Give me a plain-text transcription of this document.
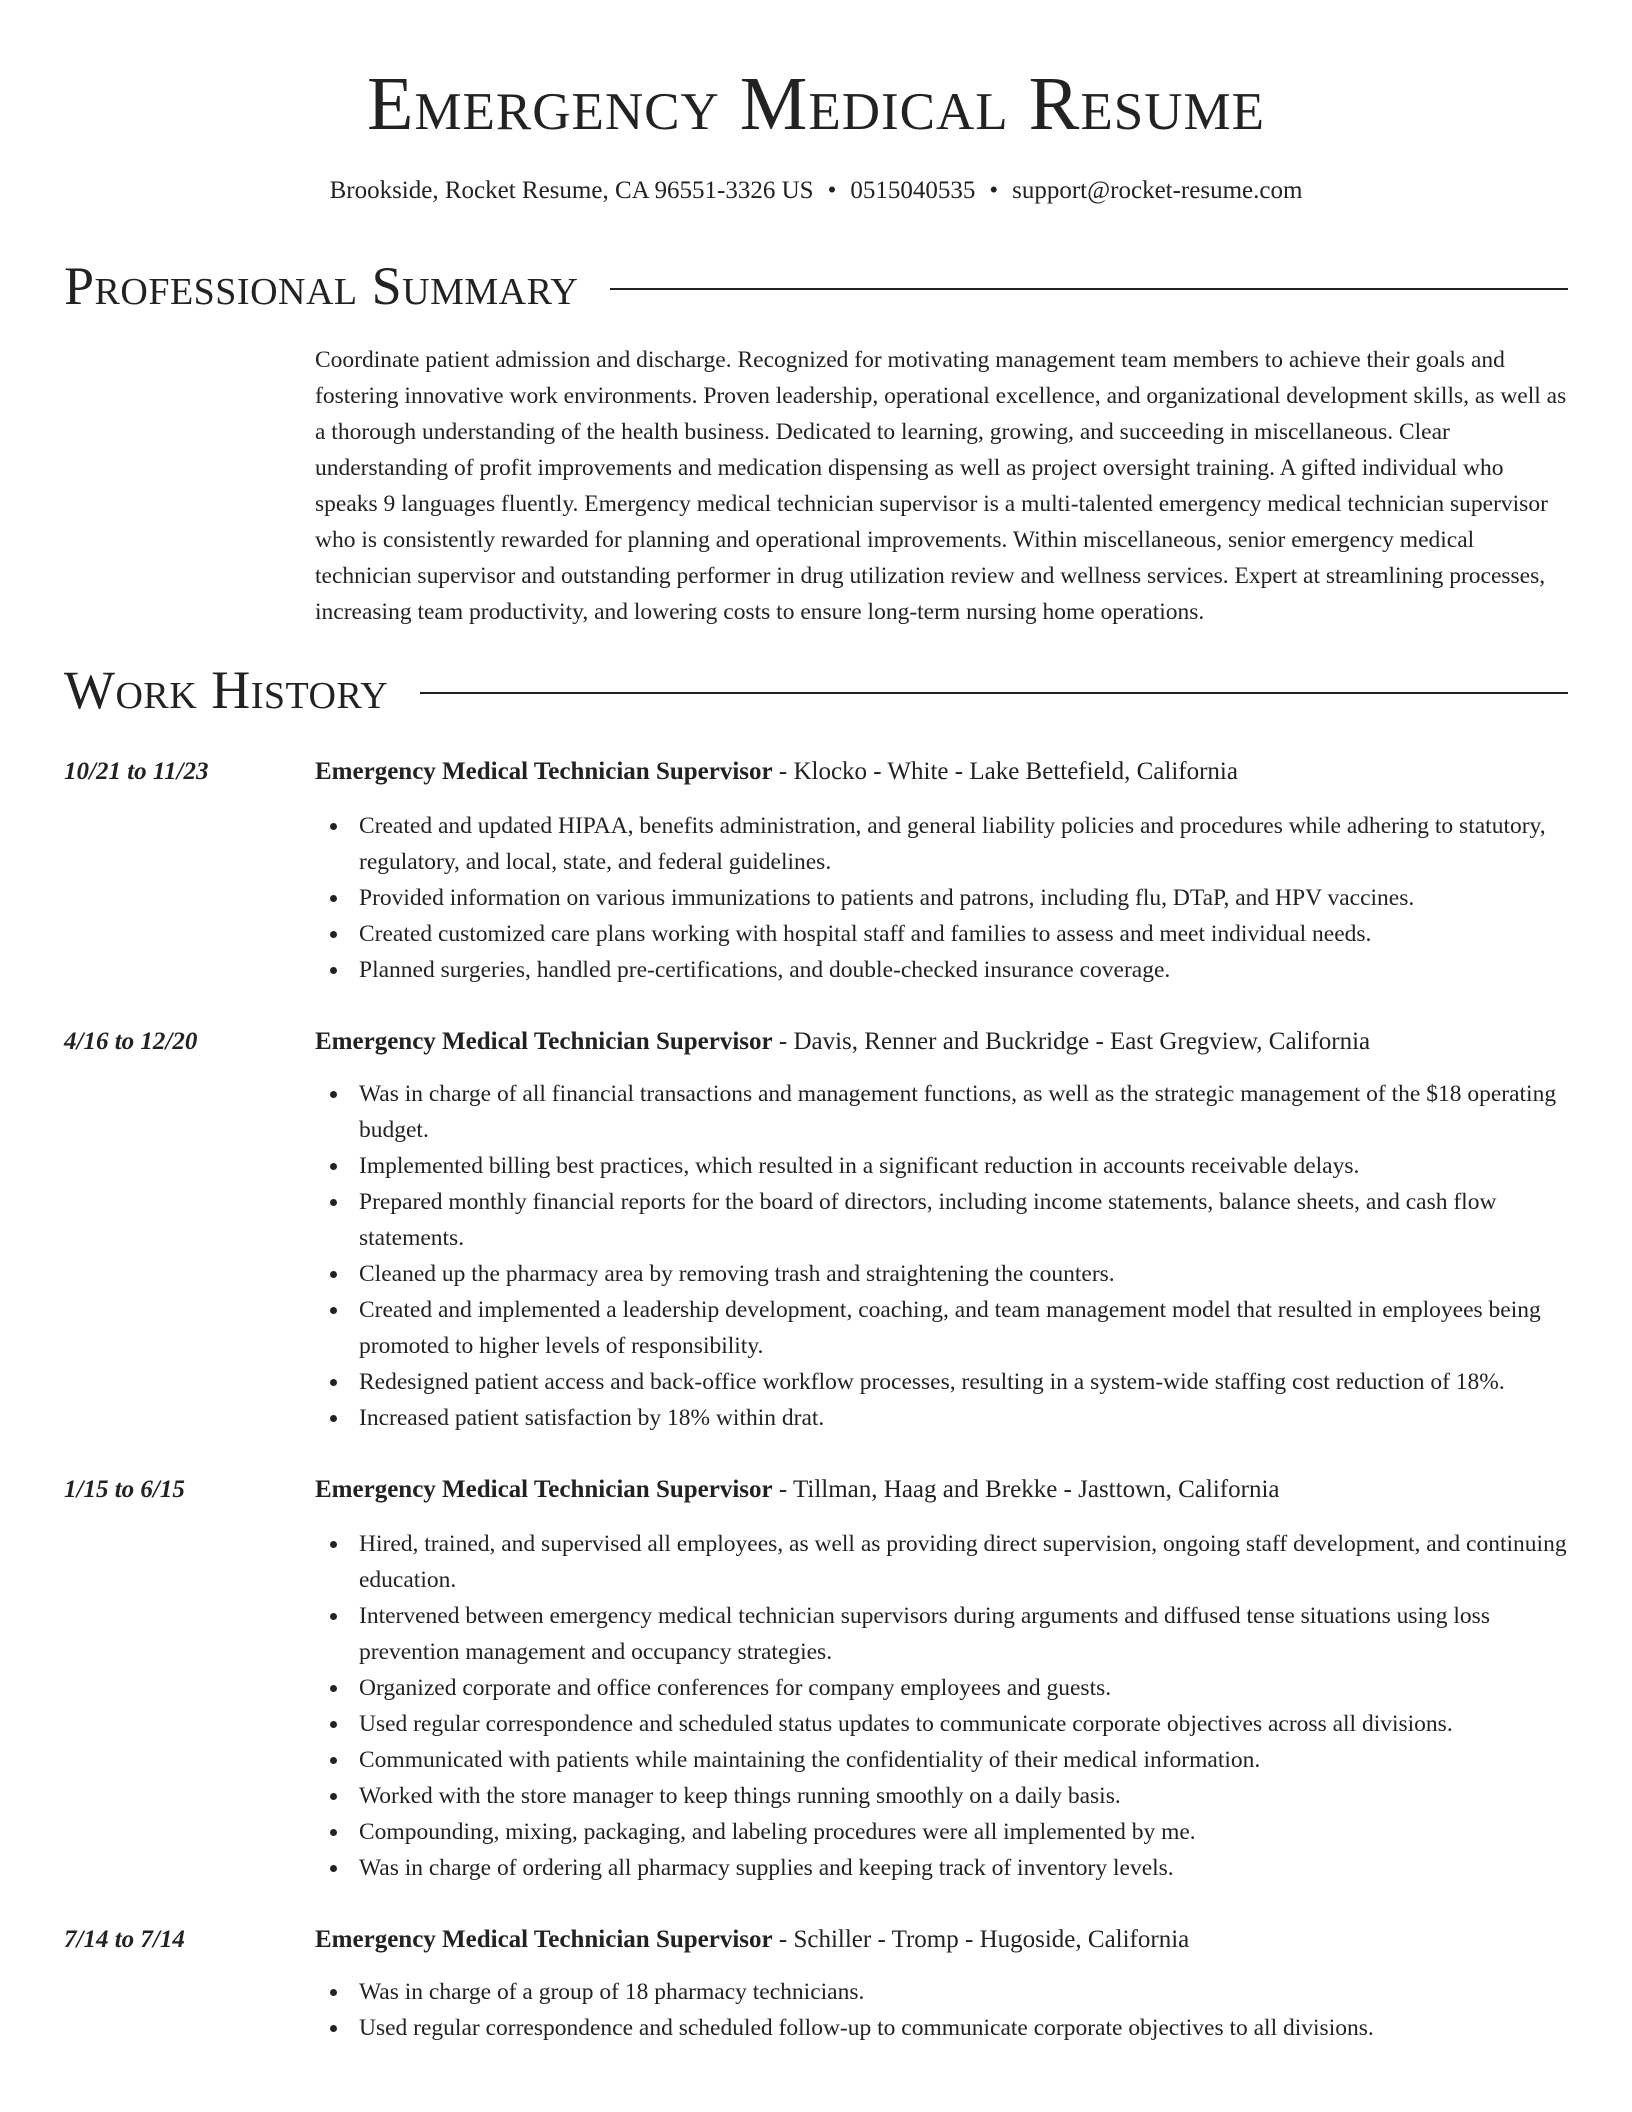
Emergency Medical Resume
Brookside, Rocket Resume, CA 96551-3326 US • 0515040535 • support@rocket-resume.com
Professional Summary
Coordinate patient admission and discharge. Recognized for motivating management team members to achieve their goals and fostering innovative work environments. Proven leadership, operational excellence, and organizational development skills, as well as a thorough understanding of the health business. Dedicated to learning, growing, and succeeding in miscellaneous. Clear understanding of profit improvements and medication dispensing as well as project oversight training. A gifted individual who speaks 9 languages fluently. Emergency medical technician supervisor is a multi-talented emergency medical technician supervisor who is consistently rewarded for planning and operational improvements. Within miscellaneous, senior emergency medical technician supervisor and outstanding performer in drug utilization review and wellness services. Expert at streamlining processes, increasing team productivity, and lowering costs to ensure long-term nursing home operations.
Work History
10/21 to 11/23	Emergency Medical Technician Supervisor - Klocko - White - Lake Bettefield, California
Created and updated HIPAA, benefits administration, and general liability policies and procedures while adhering to statutory, regulatory, and local, state, and federal guidelines.
Provided information on various immunizations to patients and patrons, including flu, DTaP, and HPV vaccines.
Created customized care plans working with hospital staff and families to assess and meet individual needs.
Planned surgeries, handled pre-certifications, and double-checked insurance coverage.
4/16 to 12/20	Emergency Medical Technician Supervisor - Davis, Renner and Buckridge - East Gregview, California
Was in charge of all financial transactions and management functions, as well as the strategic management of the $18 operating budget.
Implemented billing best practices, which resulted in a significant reduction in accounts receivable delays.
Prepared monthly financial reports for the board of directors, including income statements, balance sheets, and cash flow statements.
Cleaned up the pharmacy area by removing trash and straightening the counters.
Created and implemented a leadership development, coaching, and team management model that resulted in employees being promoted to higher levels of responsibility.
Redesigned patient access and back-office workflow processes, resulting in a system-wide staffing cost reduction of 18%.
Increased patient satisfaction by 18% within drat.
1/15 to 6/15	Emergency Medical Technician Supervisor - Tillman, Haag and Brekke - Jasttown, California
Hired, trained, and supervised all employees, as well as providing direct supervision, ongoing staff development, and continuing education.
Intervened between emergency medical technician supervisors during arguments and diffused tense situations using loss prevention management and occupancy strategies.
Organized corporate and office conferences for company employees and guests.
Used regular correspondence and scheduled status updates to communicate corporate objectives across all divisions.
Communicated with patients while maintaining the confidentiality of their medical information.
Worked with the store manager to keep things running smoothly on a daily basis.
Compounding, mixing, packaging, and labeling procedures were all implemented by me.
Was in charge of ordering all pharmacy supplies and keeping track of inventory levels.
7/14 to 7/14	Emergency Medical Technician Supervisor - Schiller - Tromp - Hugoside, California
Was in charge of a group of 18 pharmacy technicians.
Used regular correspondence and scheduled follow-up to communicate corporate objectives to all divisions.
